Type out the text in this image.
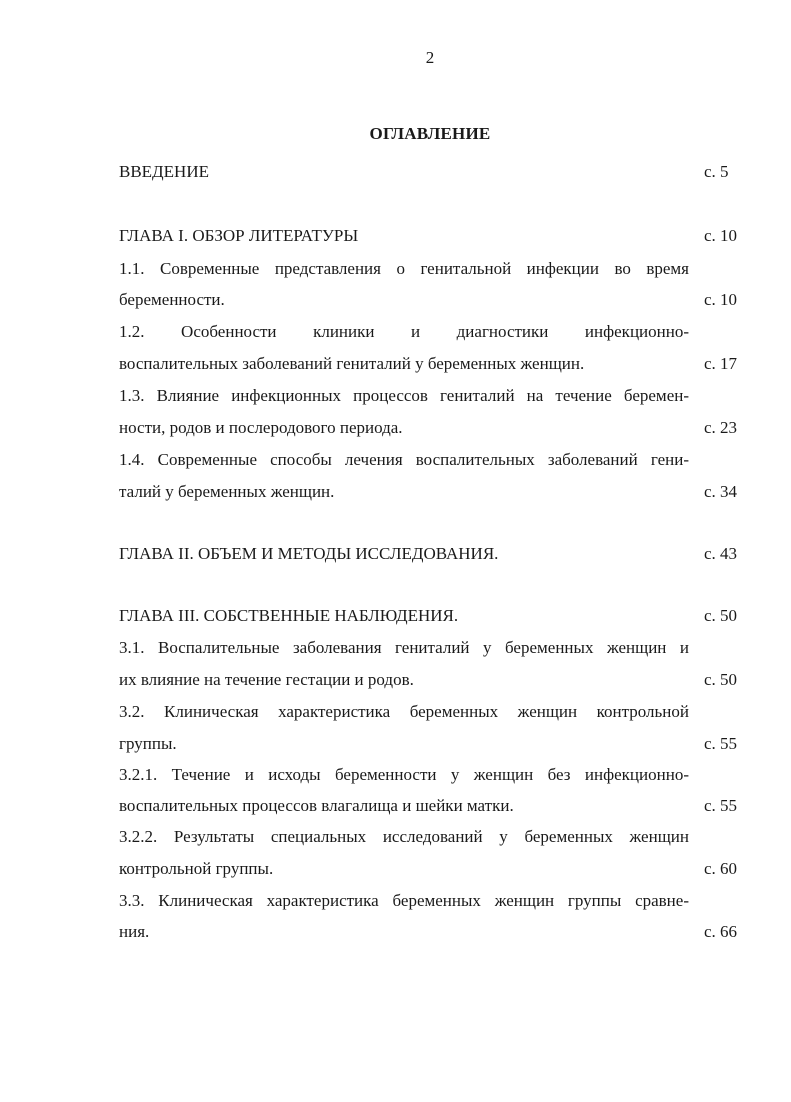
2
ОГЛАВЛЕНИЕ
ВВЕДЕНИЕ	с. 5
ГЛАВА I. ОБЗОР ЛИТЕРАТУРЫ	с. 10
1.1. Современные представления о генитальной инфекции во время
беременности.	с. 10
1.2. Особенности клиники и диагностики инфекционно-
воспалительных заболеваний гениталий у беременных женщин.	с. 17
1.3. Влияние инфекционных процессов гениталий на течение беремен-
ности, родов и послеродового периода.	с. 23
1.4. Современные способы лечения воспалительных заболеваний гени-
талий у беременных женщин.	с. 34
ГЛАВА II. ОБЪЕМ И МЕТОДЫ ИССЛЕДОВАНИЯ.	с. 43
ГЛАВА III. СОБСТВЕННЫЕ НАБЛЮДЕНИЯ.	с. 50
3.1. Воспалительные заболевания гениталий у беременных женщин и
их влияние на течение гестации и родов.	с. 50
3.2. Клиническая характеристика беременных женщин контрольной
группы.	с. 55
3.2.1. Течение и исходы беременности у женщин без инфекционно-
воспалительных процессов влагалища и шейки матки.	с. 55
3.2.2. Результаты специальных исследований у беременных женщин
контрольной группы.	с. 60
3.3. Клиническая характеристика беременных женщин группы сравне-
ния.	с. 66
